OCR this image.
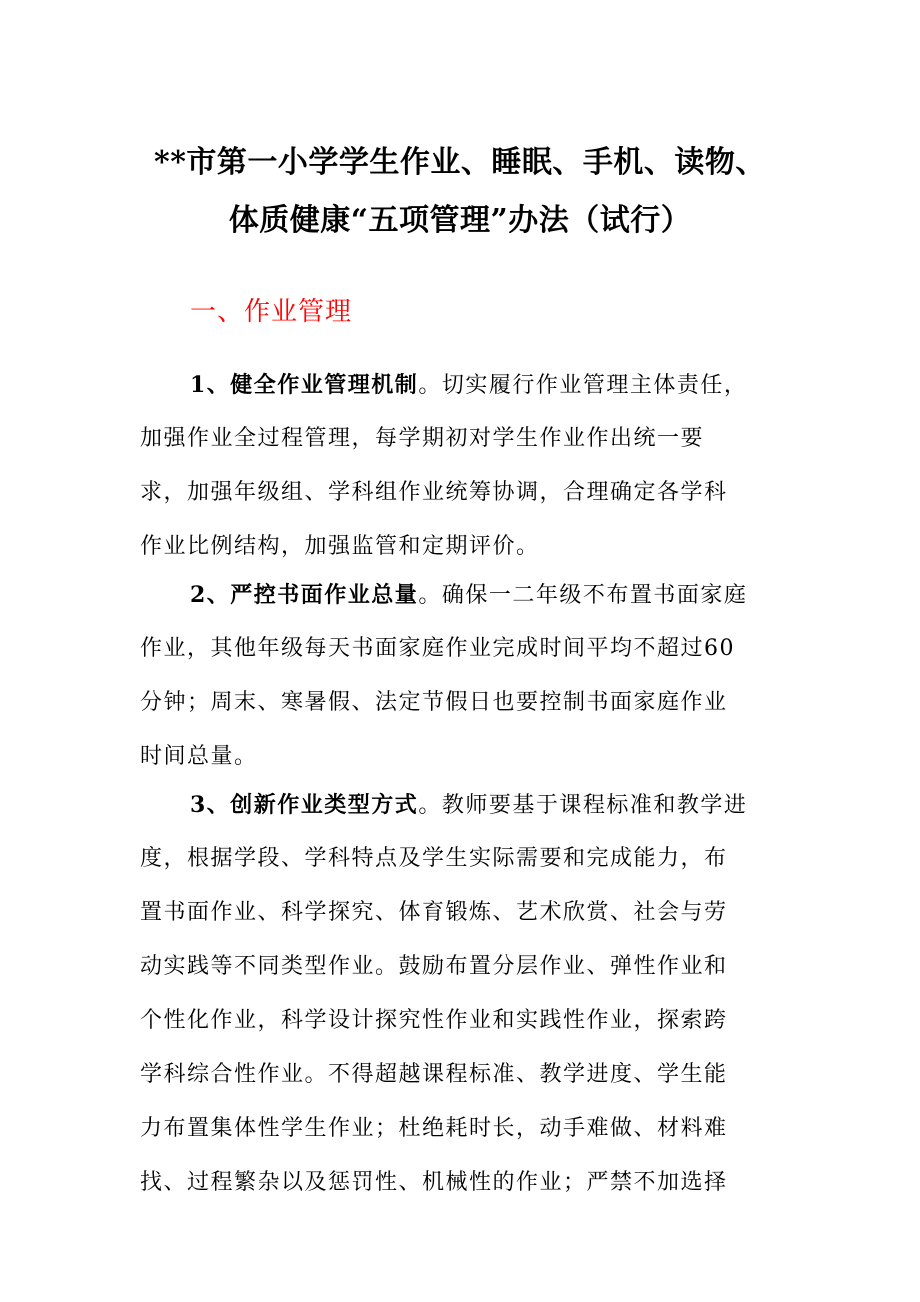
**市第一小学学生作业、睡眠、手机、读物、
体质健康“五项管理”办法（试行）
一、作业管理
1、健全作业管理机制。切实履行作业管理主体责任，
加强作业全过程管理，每学期初对学生作业作出统一要
求，加强年级组、学科组作业统筹协调，合理确定各学科
作业比例结构，加强监管和定期评价。
2、严控书面作业总量。确保一二年级不布置书面家庭
作业，其他年级每天书面家庭作业完成时间平均不超过60
分钟；周末、寒暑假、法定节假日也要控制书面家庭作业
时间总量。
3、创新作业类型方式。教师要基于课程标准和教学进
度，根据学段、学科特点及学生实际需要和完成能力，布
置书面作业、科学探究、体育锻炼、艺术欣赏、社会与劳
动实践等不同类型作业。鼓励布置分层作业、弹性作业和
个性化作业，科学设计探究性作业和实践性作业，探索跨
学科综合性作业。不得超越课程标准、教学进度、学生能
力布置集体性学生作业；杜绝耗时长，动手难做、材料难
找、过程繁杂以及惩罚性、机械性的作业；严禁不加选择
